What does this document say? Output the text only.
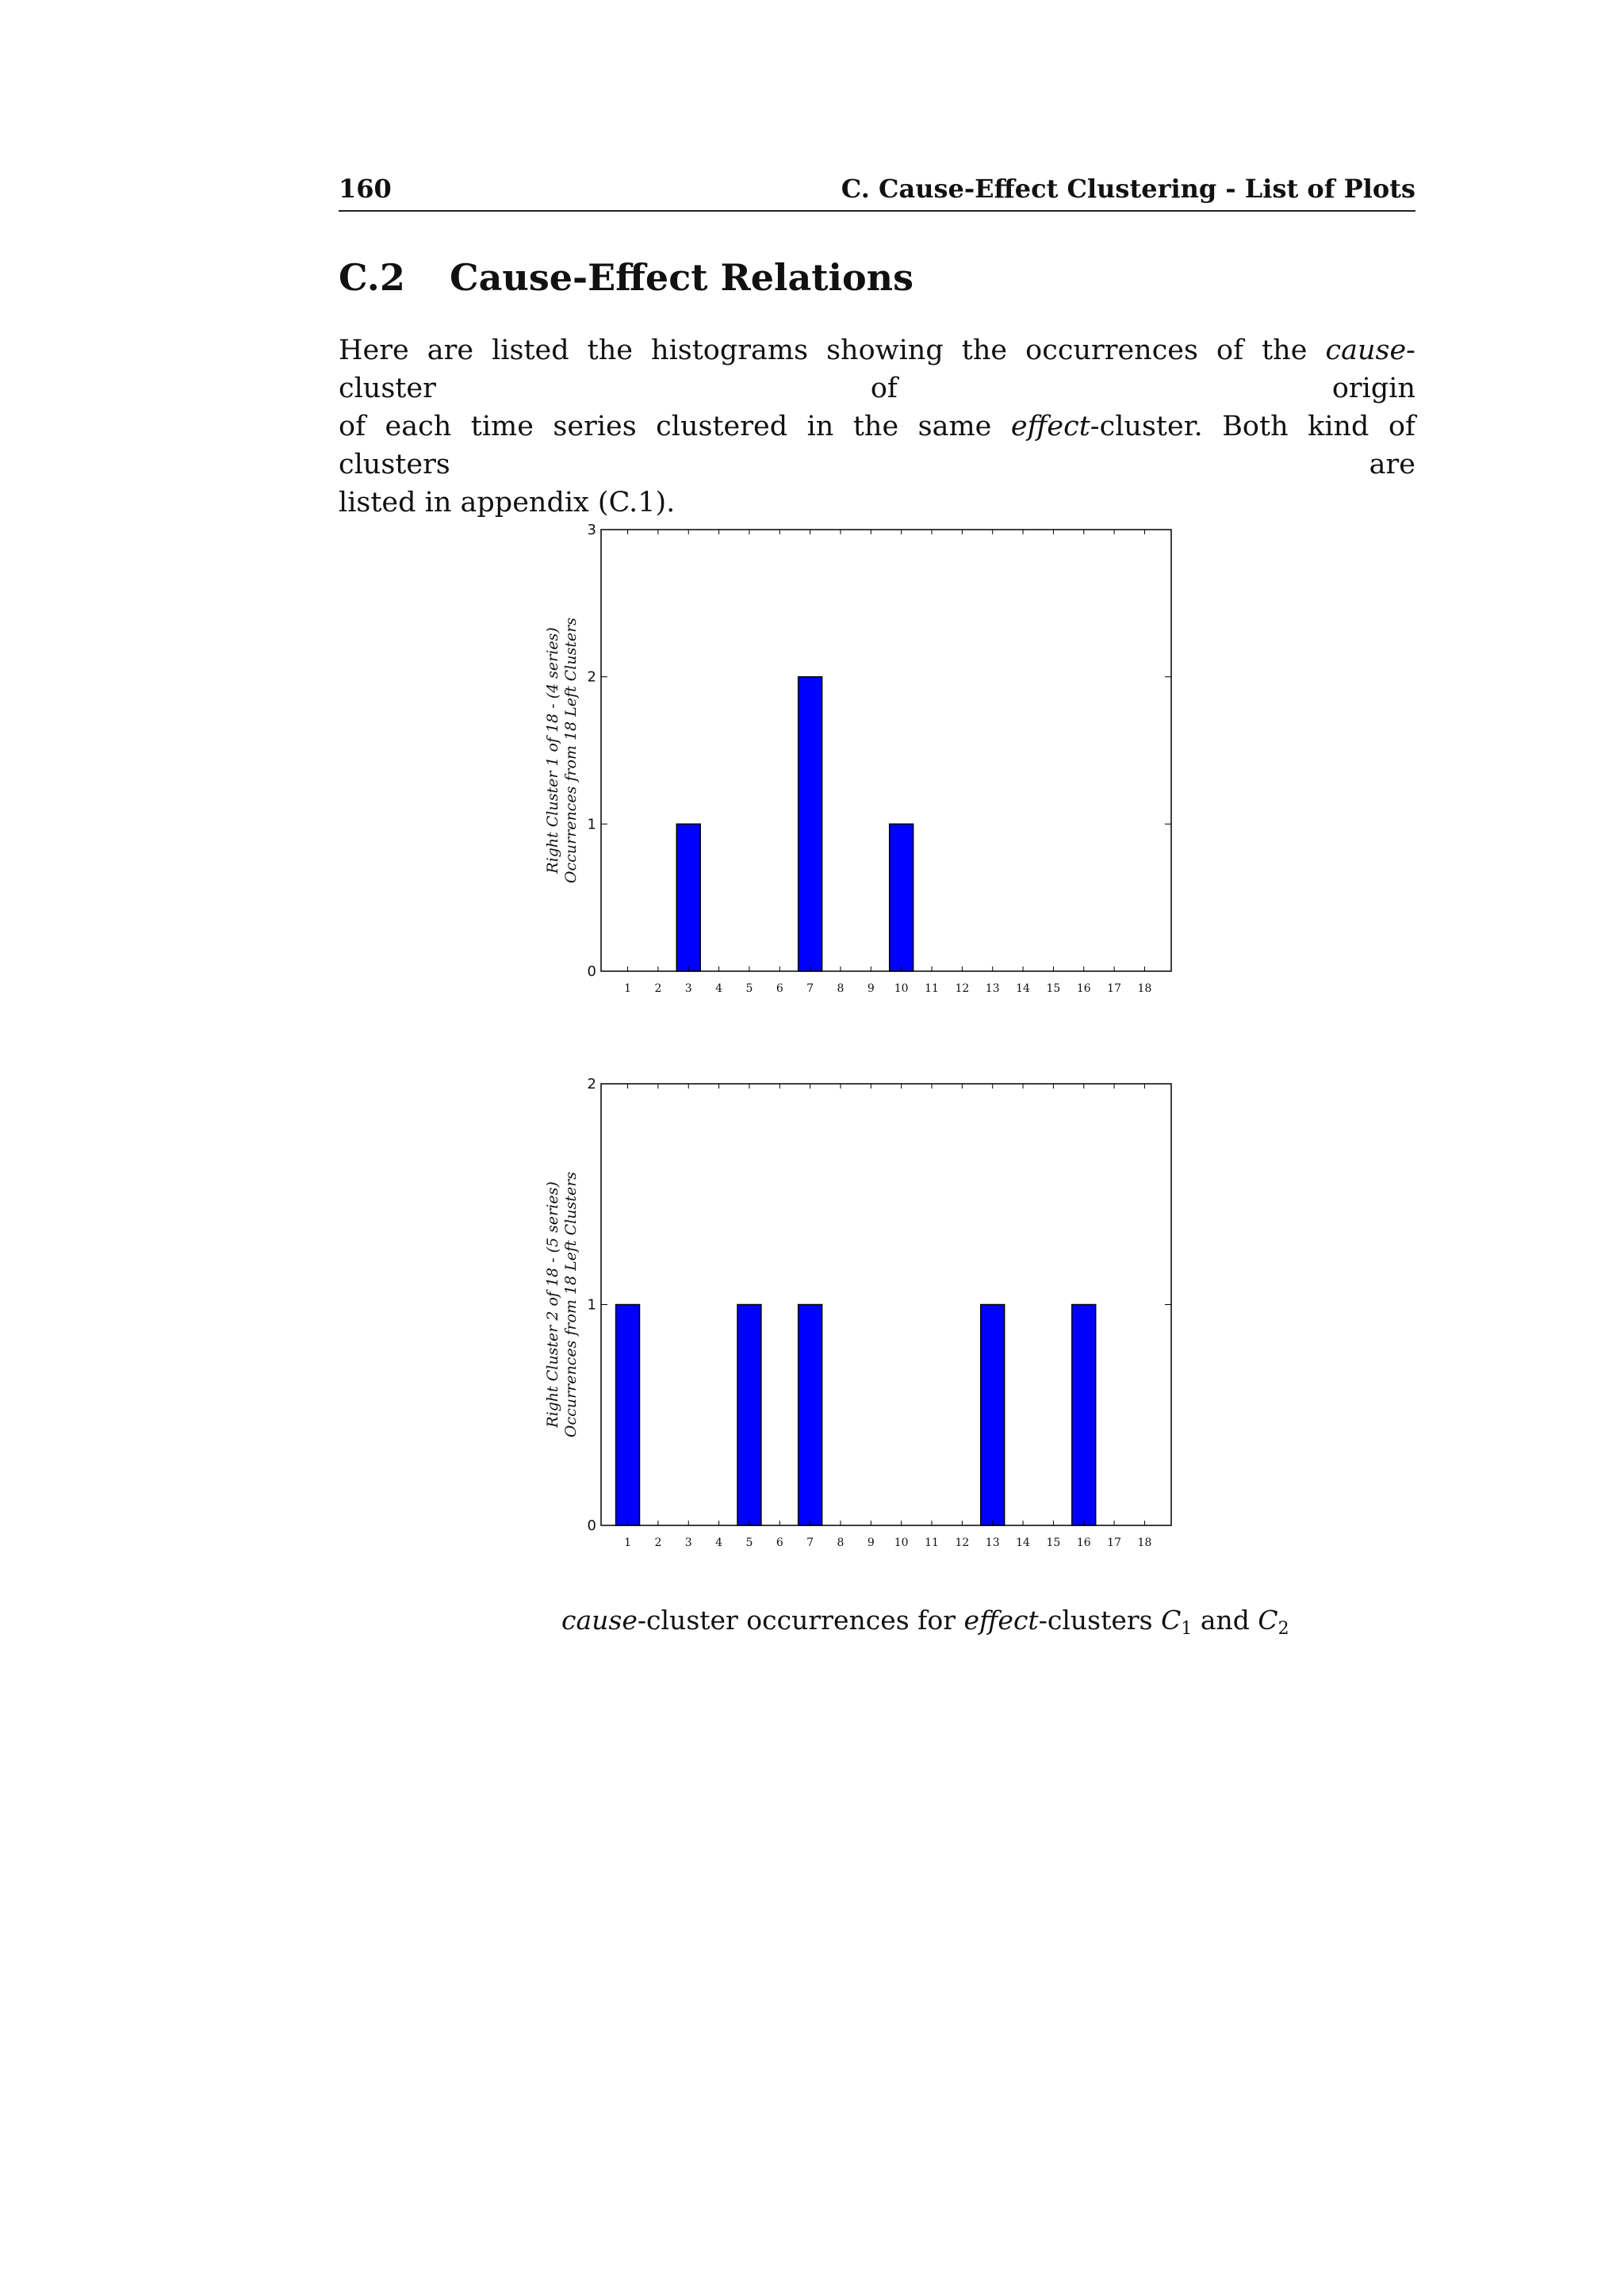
160	C. Cause-Effect Clustering - List of Plots
C.2 Cause-Effect Relations
Here are listed the histograms showing the occurrences of the cause-cluster of origin
of each time series clustered in the same effect-cluster. Both kind of clusters are
listed in appendix (C.1).
1 2 3 4 5 6 7 8 9 10 11 12 13 14 15 16 17 18
0
1
2
3
Right Cluster 1 of 18 - (4 series) Occurrences from 18 Left Clusters
1 2 3 4 5 6 7 8 9 10 11 12 13 14 15 16 17 18
0
1
2
Right Cluster 2 of 18 - (5 series) Occurrences from 18 Left Clusters
cause-cluster occurrences for effect-clusters $C_1$ and $C_2$
